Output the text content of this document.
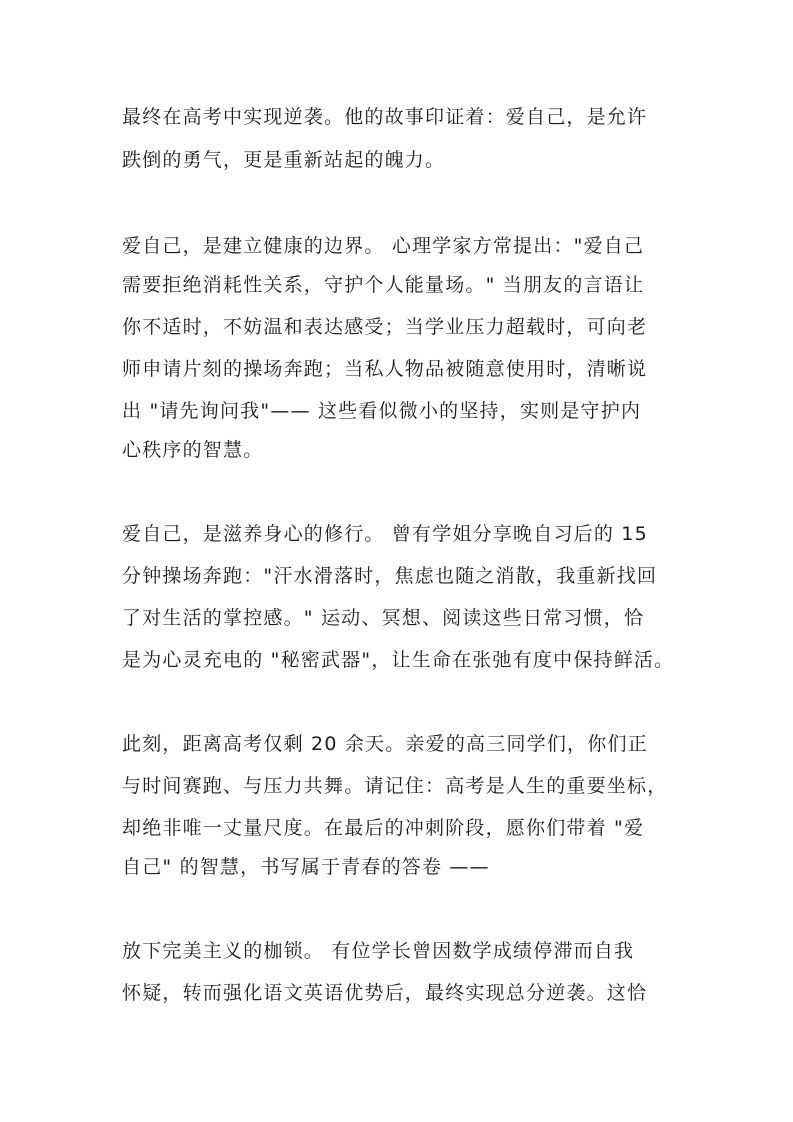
最终在高考中实现逆袭。他的故事印证着：爱自己，是允许
跌倒的勇气，更是重新站起的魄力。
爱自己，是建立健康的边界。 心理学家方常提出："爱自己
需要拒绝消耗性关系，守护个人能量场。" 当朋友的言语让
你不适时，不妨温和表达感受；当学业压力超载时，可向老
师申请片刻的操场奔跑；当私人物品被随意使用时，清晰说
出 "请先询问我"—— 这些看似微小的坚持，实则是守护内
心秩序的智慧。
爱自己，是滋养身心的修行。 曾有学姐分享晚自习后的 15
分钟操场奔跑："汗水滑落时，焦虑也随之消散，我重新找回
了对生活的掌控感。" 运动、冥想、阅读这些日常习惯，恰
是为心灵充电的 "秘密武器"，让生命在张弛有度中保持鲜活。
此刻，距离高考仅剩 20 余天。亲爱的高三同学们，你们正
与时间赛跑、与压力共舞。请记住：高考是人生的重要坐标，
却绝非唯一丈量尺度。在最后的冲刺阶段，愿你们带着 "爱
自己" 的智慧，书写属于青春的答卷 ——
放下完美主义的枷锁。 有位学长曾因数学成绩停滞而自我
怀疑，转而强化语文英语优势后，最终实现总分逆袭。这恰
